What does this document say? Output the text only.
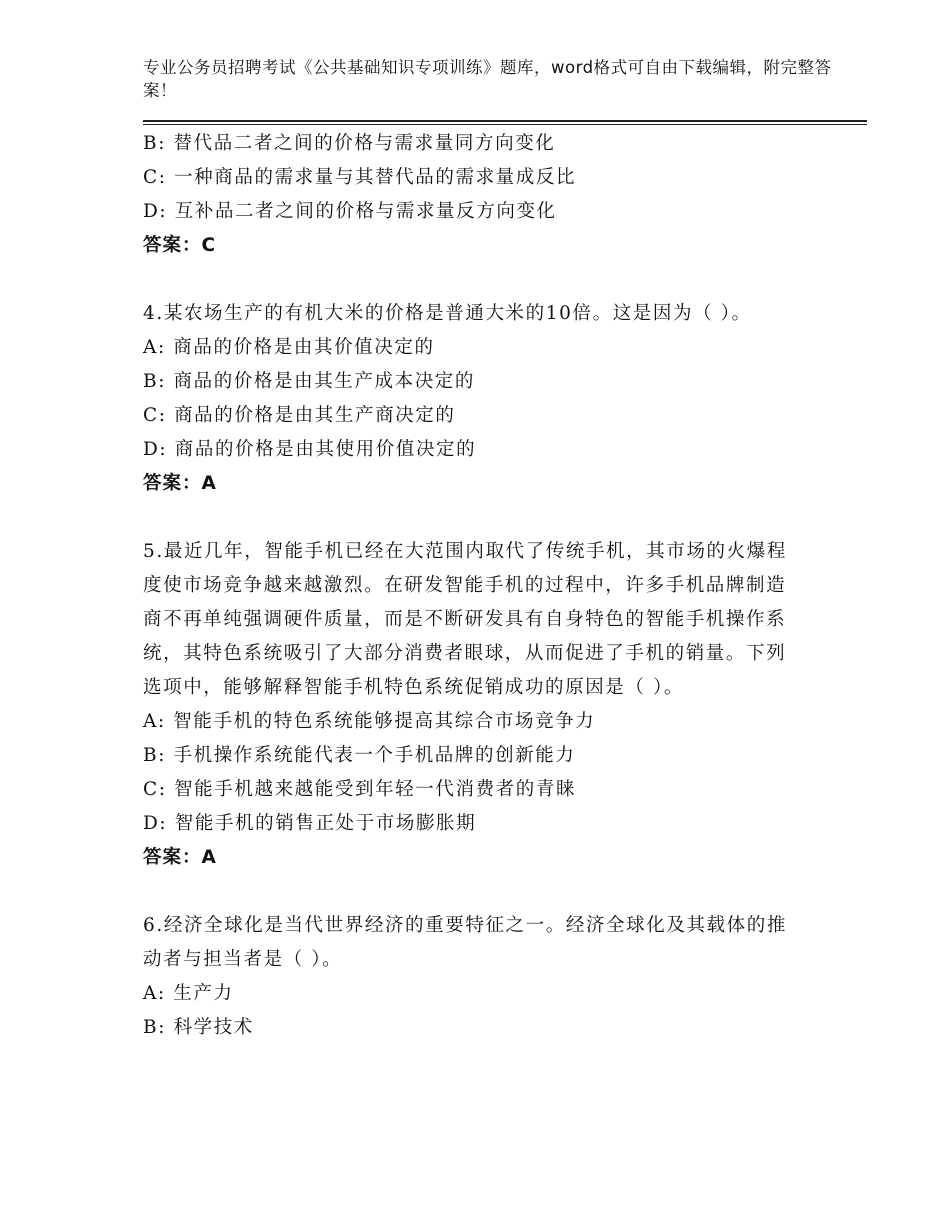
专业公务员招聘考试《公共基础知识专项训练》题库，word格式可自由下载编辑，附完整答案！
B: 替代品二者之间的价格与需求量同方向变化
C: 一种商品的需求量与其替代品的需求量成反比
D: 互补品二者之间的价格与需求量反方向变化
答案：C
4.某农场生产的有机大米的价格是普通大米的10倍。这是因为（ ）。
A: 商品的价格是由其价值决定的
B: 商品的价格是由其生产成本决定的
C: 商品的价格是由其生产商决定的
D: 商品的价格是由其使用价值决定的
答案：A
5.最近几年，智能手机已经在大范围内取代了传统手机，其市场的火爆程度使市场竞争越来越激烈。在研发智能手机的过程中，许多手机品牌制造商不再单纯强调硬件质量，而是不断研发具有自身特色的智能手机操作系统，其特色系统吸引了大部分消费者眼球，从而促进了手机的销量。下列选项中，能够解释智能手机特色系统促销成功的原因是（ ）。
A: 智能手机的特色系统能够提高其综合市场竞争力
B: 手机操作系统能代表一个手机品牌的创新能力
C: 智能手机越来越能受到年轻一代消费者的青睐
D: 智能手机的销售正处于市场膨胀期
答案：A
6.经济全球化是当代世界经济的重要特征之一。经济全球化及其载体的推动者与担当者是（ ）。
A: 生产力
B: 科学技术
